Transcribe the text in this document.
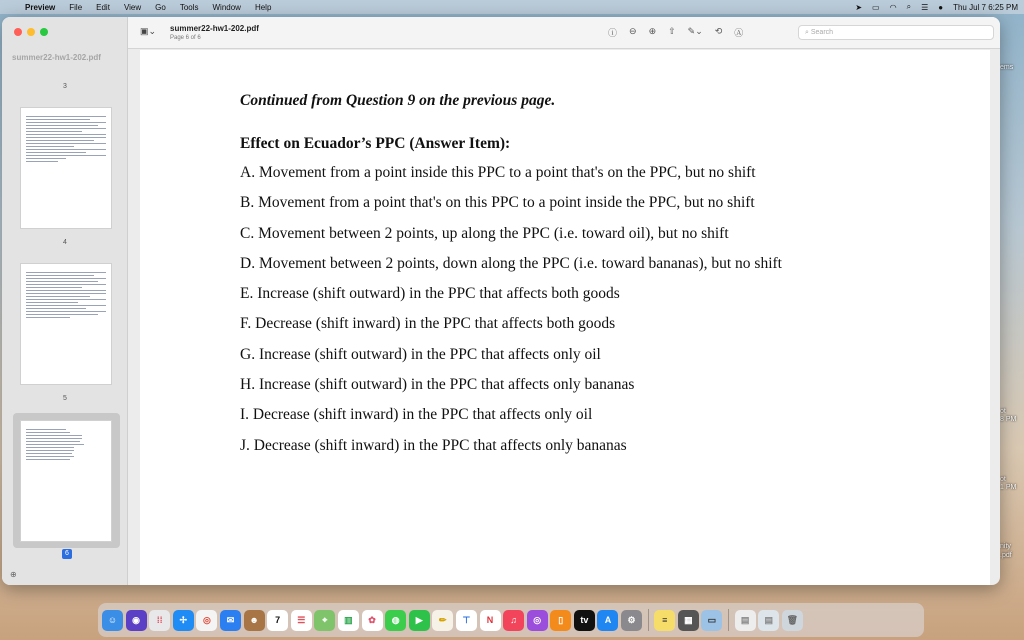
Preview	File	Edit	View	Go	Tools	Window	Help	➤ ▭ ◠ ⌕ ☰ ● Thu Jul 7 6:25 PM
ems
ot
8 PM
ot
1 PM
nity
.pdf
summer22-hw1-202.pdf
3
4
5
6
⊕
▣⌄ summer22-hw1-202.pdf
Page 6 of 6	ⓘ ⊖ ⊕ ⇧ ✎⌄ ⟲ Ⓐ	⌕ Search
Continued from Question 9 on the previous page.
Effect on Ecuador’s PPC (Answer Item):
A. Movement from a point inside this PPC to a point that's on the PPC, but no shift
B. Movement from a point that's on this PPC to a point inside the PPC, but no shift
C. Movement between 2 points, up along the PPC (i.e. toward oil), but no shift
D. Movement between 2 points, down along the PPC (i.e. toward bananas), but no shift
E. Increase (shift outward) in the PPC that affects both goods
F. Decrease (shift inward) in the PPC that affects both goods
G. Increase (shift outward) in the PPC that affects only oil
H. Increase (shift outward) in the PPC that affects only bananas
I. Decrease (shift inward) in the PPC that affects only oil
J. Decrease (shift inward) in the PPC that affects only bananas
☺	◉	⁞⁞	✢	◎	✉	☻	7	☰	⌖	▥	✿	◍	▶	✏	⊤	N	♫	◎	▯	tv	A	⚙	≡	▦	▭	▤	▤	🗑
